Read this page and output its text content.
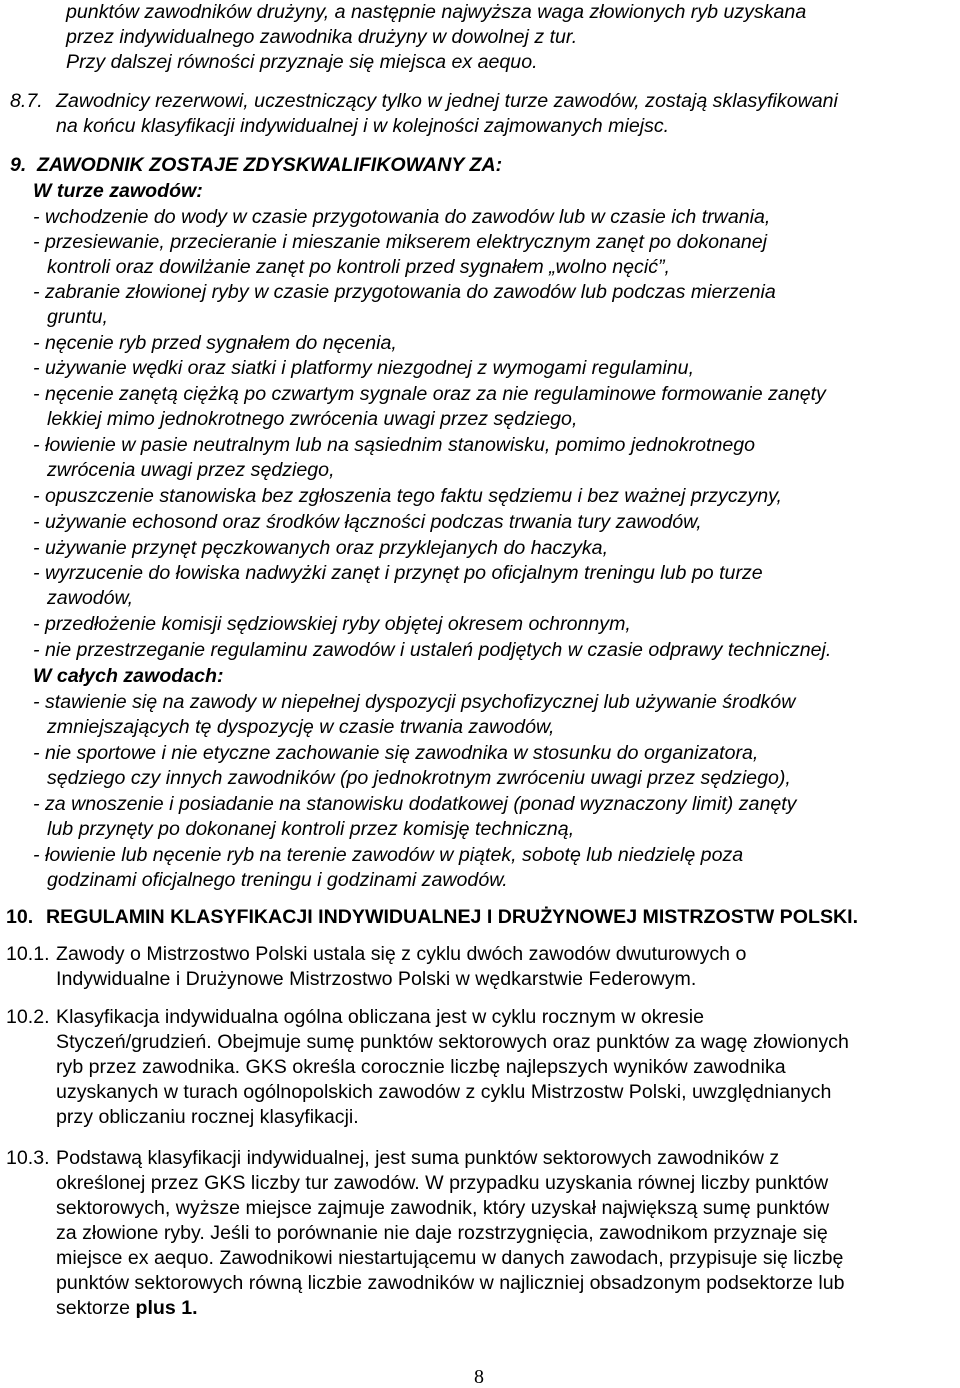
punktów zawodników drużyny, a następnie najwyższa waga złowionych ryb uzyskana
przez indywidualnego zawodnika drużyny w dowolnej z tur.
Przy dalszej równości przyznaje się miejsca ex aequo.
8.7. Zawodnicy rezerwowi, uczestniczący tylko w jednej turze zawodów, zostają sklasyfikowani
na końcu klasyfikacji indywidualnej i w kolejności zajmowanych miejsc.
9. ZAWODNIK ZOSTAJE ZDYSKWALIFIKOWANY ZA:
W turze zawodów:
- wchodzenie do wody w czasie przygotowania do zawodów lub w czasie ich trwania,
- przesiewanie, przecieranie i mieszanie mikserem elektrycznym zanęt po dokonanej
kontroli oraz dowilżanie zanęt po kontroli przed sygnałem „wolno nęcić”,
- zabranie złowionej ryby w czasie przygotowania do zawodów lub podczas mierzenia
gruntu,
- nęcenie ryb przed sygnałem do nęcenia,
- używanie wędki oraz siatki i platformy niezgodnej z wymogami regulaminu,
- nęcenie zanętą ciężką po czwartym sygnale oraz za nie regulaminowe formowanie zanęty
lekkiej mimo jednokrotnego zwrócenia uwagi przez sędziego,
- łowienie w pasie neutralnym lub na sąsiednim stanowisku, pomimo jednokrotnego
zwrócenia uwagi przez sędziego,
- opuszczenie stanowiska bez zgłoszenia tego faktu sędziemu i bez ważnej przyczyny,
- używanie echosond oraz środków łączności podczas trwania tury zawodów,
- używanie przynęt pęczkowanych oraz przyklejanych do haczyka,
- wyrzucenie do łowiska nadwyżki zanęt i przynęt po oficjalnym treningu lub po turze
zawodów,
- przedłożenie komisji sędziowskiej ryby objętej okresem ochronnym,
- nie przestrzeganie regulaminu zawodów i ustaleń podjętych w czasie odprawy technicznej.
W całych zawodach:
- stawienie się na zawody w niepełnej dyspozycji psychofizycznej lub używanie środków
zmniejszających tę dyspozycję w czasie trwania zawodów,
- nie sportowe i nie etyczne zachowanie się zawodnika w stosunku do organizatora,
sędziego czy innych zawodników (po jednokrotnym zwróceniu uwagi przez sędziego),
- za wnoszenie i posiadanie na stanowisku dodatkowej (ponad wyznaczony limit) zanęty
lub przynęty po dokonanej kontroli przez komisję techniczną,
- łowienie lub nęcenie ryb na terenie zawodów w piątek, sobotę lub niedzielę poza
godzinami oficjalnego treningu i godzinami zawodów.
10. REGULAMIN KLASYFIKACJI INDYWIDUALNEJ I DRUŻYNOWEJ MISTRZOSTW POLSKI.
10.1. Zawody o Mistrzostwo Polski ustala się z cyklu dwóch zawodów dwuturowych o
Indywidualne i Drużynowe Mistrzostwo Polski w wędkarstwie Federowym.
10.2. Klasyfikacja indywidualna ogólna obliczana jest w cyklu rocznym w okresie
Styczeń/grudzień. Obejmuje sumę punktów sektorowych oraz punktów za wagę złowionych
ryb przez zawodnika. GKS określa corocznie liczbę najlepszych wyników zawodnika
uzyskanych w turach ogólnopolskich zawodów z cyklu Mistrzostw Polski, uwzględnianych
przy obliczaniu rocznej klasyfikacji.
10.3. Podstawą klasyfikacji indywidualnej, jest suma punktów sektorowych zawodników z
określonej przez GKS liczby tur zawodów. W przypadku uzyskania równej liczby punktów
sektorowych, wyższe miejsce zajmuje zawodnik, który uzyskał największą sumę punktów
za złowione ryby. Jeśli to porównanie nie daje rozstrzygnięcia, zawodnikom przyznaje się
miejsce ex aequo. Zawodnikowi niestartującemu w danych zawodach, przypisuje się liczbę
punktów sektorowych równą liczbie zawodników w najliczniej obsadzonym podsektorze lub
sektorze plus 1.
8
